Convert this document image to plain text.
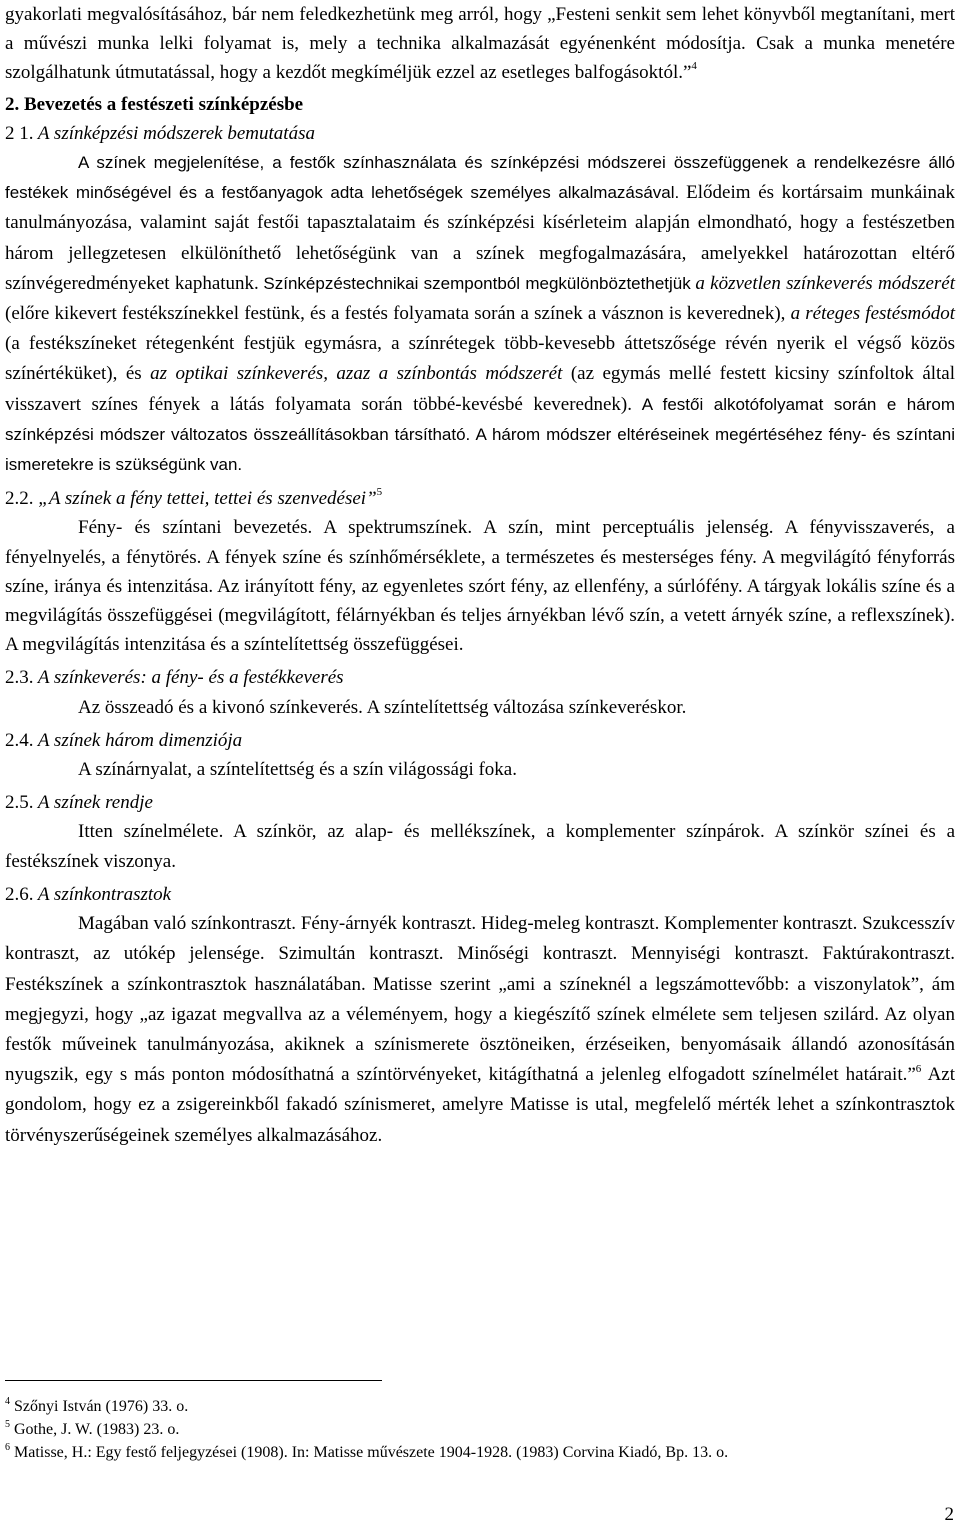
gyakorlati megvalósításához, bár nem feledkezhetünk meg arról, hogy „Festeni senkit sem lehet könyvből megtanítani, mert a művészi munka lelki folyamat is, mely a technika alkalmazását egyénenként módosítja. Csak a munka menetére szolgálhatunk útmutatással, hogy a kezdőt megkíméljük ezzel az esetleges balfogásoktól.”$^4$

2. Bevezetés a festészeti színképzésbe

2 1. A színképzési módszerek bemutatása

A színek megjelenítése, a festők színhasználata és színképzési módszerei összefüggenek a rendelkezésre álló festékek minőségével és a festőanyagok adta lehetőségek személyes alkalmazásával. Elődeim és kortársaim munkáinak tanulmányozása, valamint saját festői tapasztalataim és színképzési kísérleteim alapján elmondható, hogy a festészetben három jellegzetesen elkülöníthető lehetőségünk van a színek megfogalmazására, amelyekkel határozottan eltérő színvégeredményeket kaphatunk. Színképzéstechnikai szempontból megkülönböztethetjük a közvetlen színkeverés módszerét (előre kikevert festékszínekkel festünk, és a festés folyamata során a színek a vásznon is keverednek), a réteges festésmódot (a festékszíneket rétegenként festjük egymásra, a színrétegek több-kevesebb áttetszősége révén nyerik el végső közös színértéküket), és az optikai színkeverés, azaz a színbontás módszerét (az egymás mellé festett kicsiny színfoltok által visszavert színes fények a látás folyamata során többé-kevésbé keverednek). A festői alkotófolyamat során e három színképzési módszer változatos összeállításokban társítható. A három módszer eltéréseinek megértéséhez fény- és színtani ismeretekre is szükségünk van.

2.2. „A színek a fény tettei, tettei és szenvedései”$^5$

Fény- és színtani bevezetés. A spektrumszínek. A szín, mint perceptuális jelenség. A fényvisszaverés, a fényelnyelés, a fénytörés. A fények színe és színhőmérséklete, a természetes és mesterséges fény. A megvilágító fényforrás színe, iránya és intenzitása. Az irányított fény, az egyenletes szórt fény, az ellenfény, a súrlófény. A tárgyak lokális színe és a megvilágítás összefüggései (megvilágított, félárnyékban és teljes árnyékban lévő szín, a vetett árnyék színe, a reflexszínek). A megvilágítás intenzitása és a színtelítettség összefüggései.

2.3. A színkeverés: a fény- és a festékkeverés

Az összeadó és a kivonó színkeverés. A színtelítettség változása színkeveréskor.

2.4. A színek három dimenziója

A színárnyalat, a színtelítettség és a szín világossági foka.

2.5. A színek rendje

Itten színelmélete. A színkör, az alap- és mellékszínek, a komplementer színpárok. A színkör színei és a festékszínek viszonya.

2.6. A színkontrasztok

Magában való színkontraszt. Fény-árnyék kontraszt. Hideg-meleg kontraszt. Komplementer kontraszt. Szukcesszív kontraszt, az utókép jelensége. Szimultán kontraszt. Minőségi kontraszt. Mennyiségi kontraszt. Faktúrakontraszt. Festékszínek a színkontrasztok használatában. Matisse szerint „ami a színeknél a legszámottevőbb: a viszonylatok”, ám megjegyzi, hogy „az igazat megvallva az a véleményem, hogy a kiegészítő színek elmélete sem teljesen szilárd. Az olyan festők műveinek tanulmányozása, akiknek a színismerete ösztöneiken, érzéseiken, benyomásaik állandó azonosításán nyugszik, egy s más ponton módosíthatná a színtörvényeket, kitágíthatná a jelenleg elfogadott színelmélet határait.”$^6$ Azt gondolom, hogy ez a zsigereinkből fakadó színismeret, amelyre Matisse is utal, megfelelő mérték lehet a színkontrasztok törvényszerűségeinek személyes alkalmazásához.

$^4$ Szőnyi István (1976) 33. o.
$^5$ Gothe, J. W. (1983) 23. o.
$^6$ Matisse, H.: Egy festő feljegyzései (1908). In: Matisse művészete 1904-1928. (1983) Corvina Kiadó, Bp. 13. o.
2
